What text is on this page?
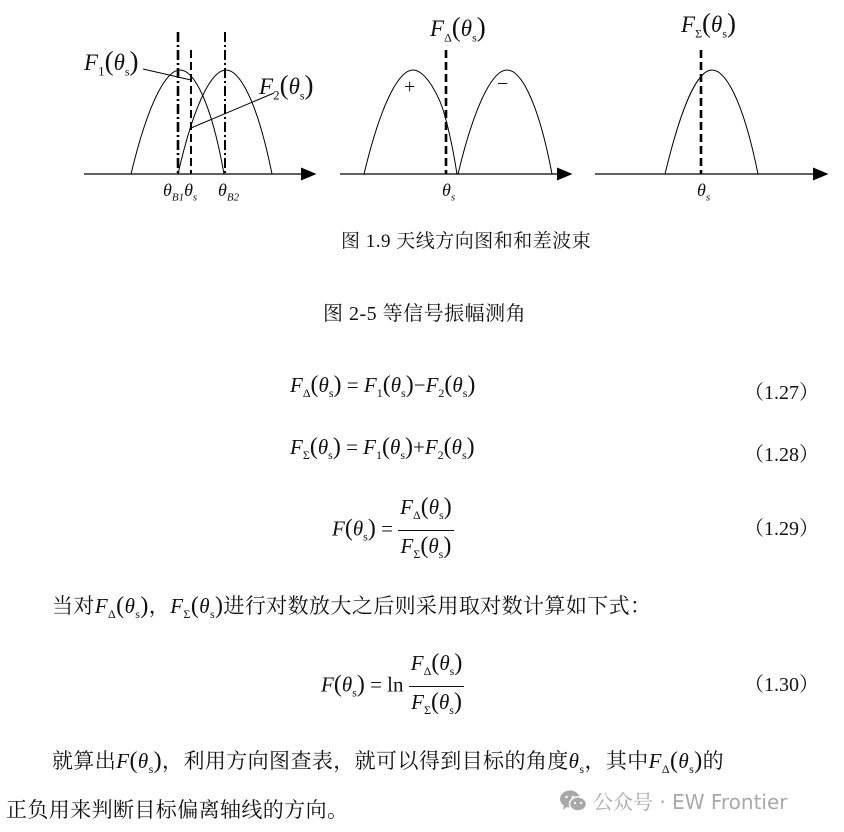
$F_1(\theta_s)$
$F_2(\theta_s)$
$\theta_{B1}\theta_s$ $\theta_{B2}$
$F_\Delta(\theta_s)$
+	−
$\theta_s$
$F_\Sigma(\theta_s)$
$\theta_s$
图 1.9 天线方向图和和差波束
图 2-5 等信号振幅测角
$F_\Delta(\theta_s) = F_1(\theta_s)-F_2(\theta_s)$	（1.27）
$F_\Sigma(\theta_s) = F_1(\theta_s)+F_2(\theta_s)$	（1.28）
$F(\theta_s) = \frac{F_\Delta(\theta_s)}{F_\Sigma(\theta_s)}$	（1.29）
当对$F_\Delta(\theta_s)$，$F_\Sigma(\theta_s)$进行对数放大之后则采用取对数计算如下式：
$F(\theta_s) = \ln \frac{F_\Delta(\theta_s)}{F_\Sigma(\theta_s)}$	（1.30）
就算出$F(\theta_s)$，利用方向图查表，就可以得到目标的角度$\theta_s$，其中$F_\Delta(\theta_s)$的
正负用来判断目标偏离轴线的方向。	公众号 · EW Frontier
